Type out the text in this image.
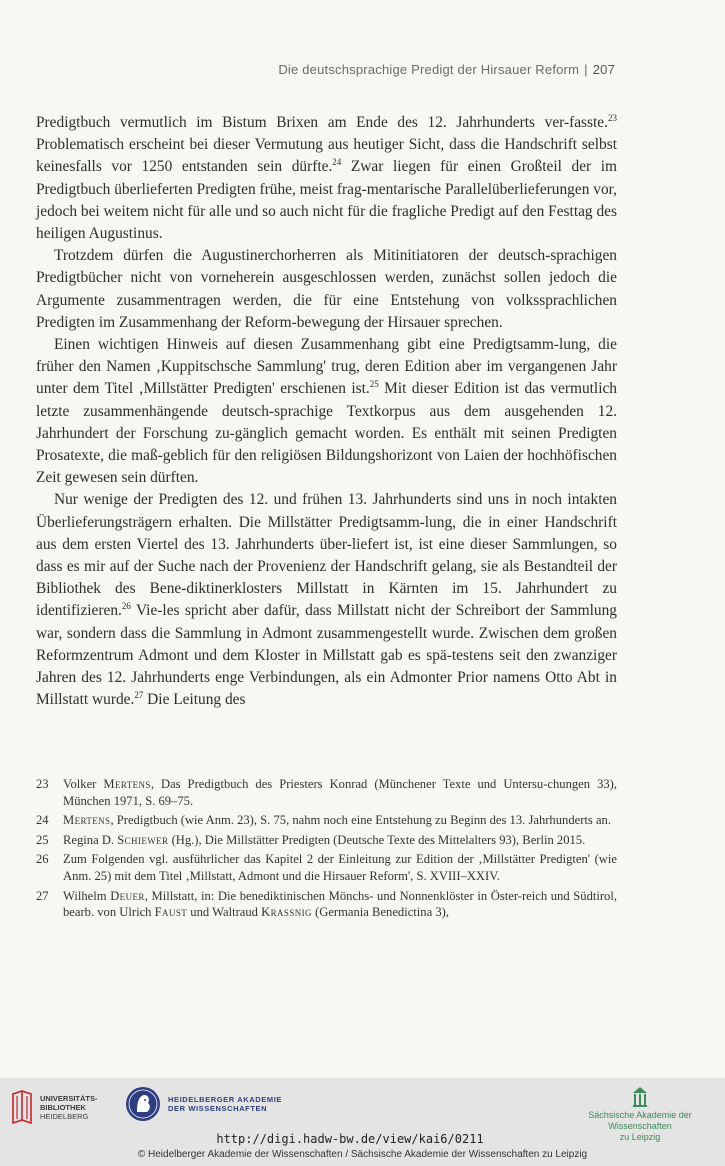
Die deutschsprachige Predigt der Hirsauer Reform | 207

Predigtbuch vermutlich im Bistum Brixen am Ende des 12. Jahrhunderts ver-fasste.$^{23}$ Problematisch erscheint bei dieser Vermutung aus heutiger Sicht, dass die Handschrift selbst keinesfalls vor 1250 entstanden sein dürfte.$^{24}$ Zwar liegen für einen Großteil der im Predigtbuch überlieferten Predigten frühe, meist frag-mentarische Parallelüberlieferungen vor, jedoch bei weitem nicht für alle und so auch nicht für die fragliche Predigt auf den Festtag des heiligen Augustinus.

Trotzdem dürfen die Augustinerchorherren als Mitinitiatoren der deutsch-sprachigen Predigtbücher nicht von vorneherein ausgeschlossen werden, zunächst sollen jedoch die Argumente zusammentragen werden, die für eine Entstehung von volkssprachlichen Predigten im Zusammenhang der Reform-bewegung der Hirsauer sprechen.

Einen wichtigen Hinweis auf diesen Zusammenhang gibt eine Predigtsamm-lung, die früher den Namen ‚Kuppitschsche Sammlung' trug, deren Edition aber im vergangenen Jahr unter dem Titel ‚Millstätter Predigten' erschienen ist.$^{25}$ Mit dieser Edition ist das vermutlich letzte zusammenhängende deutsch-sprachige Textkorpus aus dem ausgehenden 12. Jahrhundert der Forschung zu-gänglich gemacht worden. Es enthält mit seinen Predigten Prosatexte, die maß-geblich für den religiösen Bildungshorizont von Laien der hochhöfischen Zeit gewesen sein dürften.

Nur wenige der Predigten des 12. und frühen 13. Jahrhunderts sind uns in noch intakten Überlieferungsträgern erhalten. Die Millstätter Predigtsamm-lung, die in einer Handschrift aus dem ersten Viertel des 13. Jahrhunderts über-liefert ist, ist eine dieser Sammlungen, so dass es mir auf der Suche nach der Provenienz der Handschrift gelang, sie als Bestandteil der Bibliothek des Bene-diktinerklosters Millstatt in Kärnten im 15. Jahrhundert zu identifizieren.$^{26}$ Vie-les spricht aber dafür, dass Millstatt nicht der Schreibort der Sammlung war, sondern dass die Sammlung in Admont zusammengestellt wurde. Zwischen dem großen Reformzentrum Admont und dem Kloster in Millstatt gab es spä-testens seit den zwanziger Jahren des 12. Jahrhunderts enge Verbindungen, als ein Admonter Prior namens Otto Abt in Millstatt wurde.$^{27}$ Die Leitung des

23	Volker Mertens, Das Predigtbuch des Priesters Konrad (Münchener Texte und Untersu-chungen 33), München 1971, S. 69–75.
24	Mertens, Predigtbuch (wie Anm. 23), S. 75, nahm noch eine Entstehung zu Beginn des 13. Jahrhunderts an.
25	Regina D. Schiewer (Hg.), Die Millstätter Predigten (Deutsche Texte des Mittelalters 93), Berlin 2015.
26	Zum Folgenden vgl. ausführlicher das Kapitel 2 der Einleitung zur Edition der ‚Millstätter Predigten' (wie Anm. 25) mit dem Titel ‚Millstatt, Admont und die Hirsauer Reform', S. XVIII–XXIV.
27	Wilhelm Deuer, Millstatt, in: Die benediktinischen Mönchs- und Nonnenklöster in Öster-reich und Südtirol, bearb. von Ulrich Faust und Waltraud Krassnig (Germania Benedictina 3),
UNIVERSITÄTS-
BIBLIOTHEK
HEIDELBERG
HEIDELBERGER AKADEMIE
DER WISSENSCHAFTEN
Sächsische Akademie der Wissenschaften
zu Leipzig
http://digi.hadw-bw.de/view/kai6/0211
© Heidelberger Akademie der Wissenschaften / Sächsische Akademie der Wissenschaften zu Leipzig
